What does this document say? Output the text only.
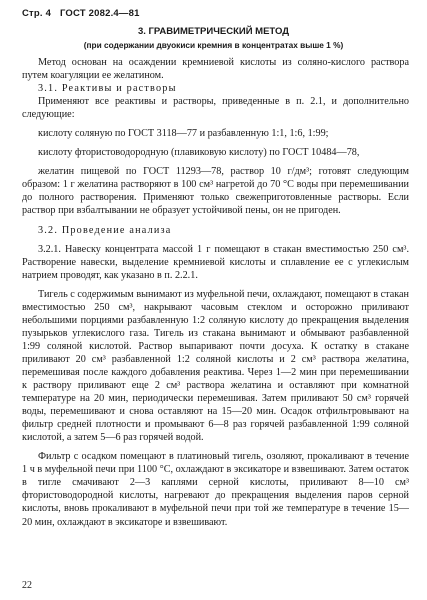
Стр. 4 ГОСТ 2082.4—81
3. ГРАВИМЕТРИЧЕСКИЙ МЕТОД
(при содержании двуокиси кремния в концентратах выше 1 %)

Метод основан на осаждении кремниевой кислоты из соляно-кислого раствора путем коагуляции ее желатином.

3.1. Реактивы и растворы

Применяют все реактивы и растворы, приведенные в п. 2.1, и дополнительно следующие:

кислоту соляную по ГОСТ 3118—77 и разбавленную 1:1, 1:6, 1:99;

кислоту фтористоводородную (плавиковую кислоту) по ГОСТ 10484—78,

желатин пищевой по ГОСТ 11293—78, раствор 10 г/дм³; готовят следующим образом: 1 г желатина растворяют в 100 см³ нагретой до 70 °С воды при перемешивании до полного растворения. Применяют только свежеприготовленные растворы. Если раствор при взбалтывании не образует устойчивой пены, он не пригоден.

3.2. Проведение анализа

3.2.1. Навеску концентрата массой 1 г помещают в стакан вместимостью 250 см³. Растворение навески, выделение кремниевой кислоты и сплавление ее с углекислым натрием проводят, как указано в п. 2.2.1.

Тигель с содержимым вынимают из муфельной печи, охлаждают, помещают в стакан вместимостью 250 см³, накрывают часовым стеклом и осторожно приливают небольшими порциями разбавленную 1:2 соляную кислоту до прекращения выделения пузырьков углекислого газа. Тигель из стакана вынимают и обмывают разбавленной 1:99 соляной кислотой. Раствор выпаривают почти досуха. К остатку в стакане приливают 20 см³ разбавленной 1:2 соляной кислоты и 2 см³ раствора желатина, перемешивая после каждого добавления реактива. Через 1—2 мин при перемешивании к раствору приливают еще 2 см³ раствора желатина и оставляют при комнатной температуре на 20 мин, периодически перемешивая. Затем приливают 50 см³ горячей воды, перемешивают и снова оставляют на 15—20 мин. Осадок отфильтровывают на фильтр средней плотности и промывают 6—8 раз горячей разбавленной 1:99 соляной кислотой, а затем 5—6 раз горячей водой.

Фильтр с осадком помещают в платиновый тигель, озоляют, прокаливают в течение 1 ч в муфельной печи при 1100 °С, охлаждают в эксикаторе и взвешивают. Затем остаток в тигле смачивают 2—3 каплями серной кислоты, приливают 8—10 см³ фтористоводородной кислоты, нагревают до прекращения выделения паров серной кислоты, вновь прокаливают в муфельной печи при той же температуре в течение 15—20 мин, охлаждают в эксикаторе и взвешивают.

22
